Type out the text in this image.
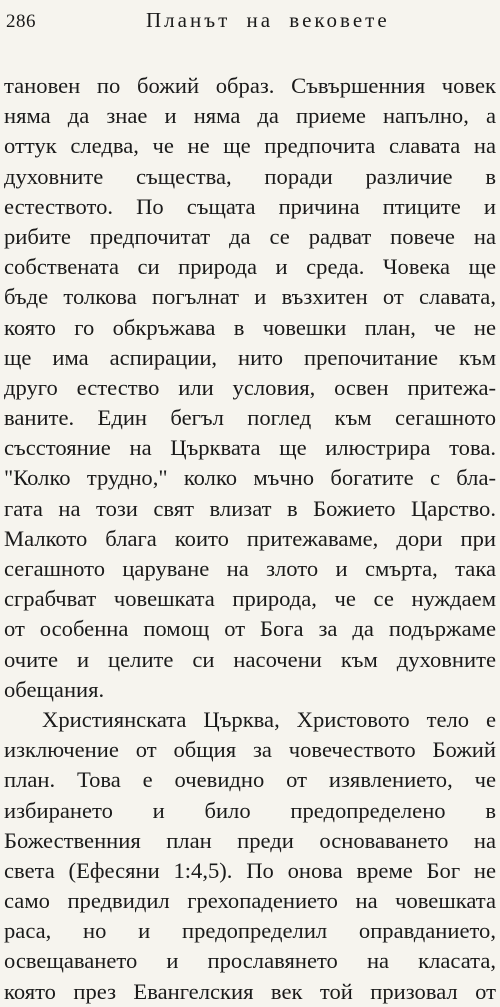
286	Планът на вековете
тановен по божий образ. Съвършенния човек
няма да знае и няма да приеме напълно, а
оттук следва, че не ще предпочита славата на
духовните същества, поради различие в
естеството. По същата причина птиците и
рибите предпочитат да се радват повече на
собствената си природа и среда. Човека ще
бъде толкова погълнат и възхитен от славата,
която го обкръжава в човешки план, че не
ще има аспирации, нито препочитание към
друго естество или условия, освен притежа-
ваните. Един бегъл поглед към сегашното
съсстояние на Църквата ще илюстрира това.
"Колко трудно," колко мъчно богатите с бла-
гата на този свят влизат в Божието Царство.
Малкото блага които притежаваме, дори при
сегашното царуване на злото и смърта, така
сграбчват човешката природа, че се нуждаем
от особенна помощ от Бога за да подържаме
очите и целите си насочени към духовните
обещания.
Християнската Църква, Христовото тело е
изключение от общия за човечеството Божий
план. Това е очевидно от изявлението, че
избирането и било предопределено в
Божественния план преди основаването на
света (Ефесяни 1:4,5). По онова време Бог не
само предвидил грехопадението на човешката
раса, но и предопределил оправданието,
освещаването и прославянето на класата,
която през Евангелския век той призовал от
